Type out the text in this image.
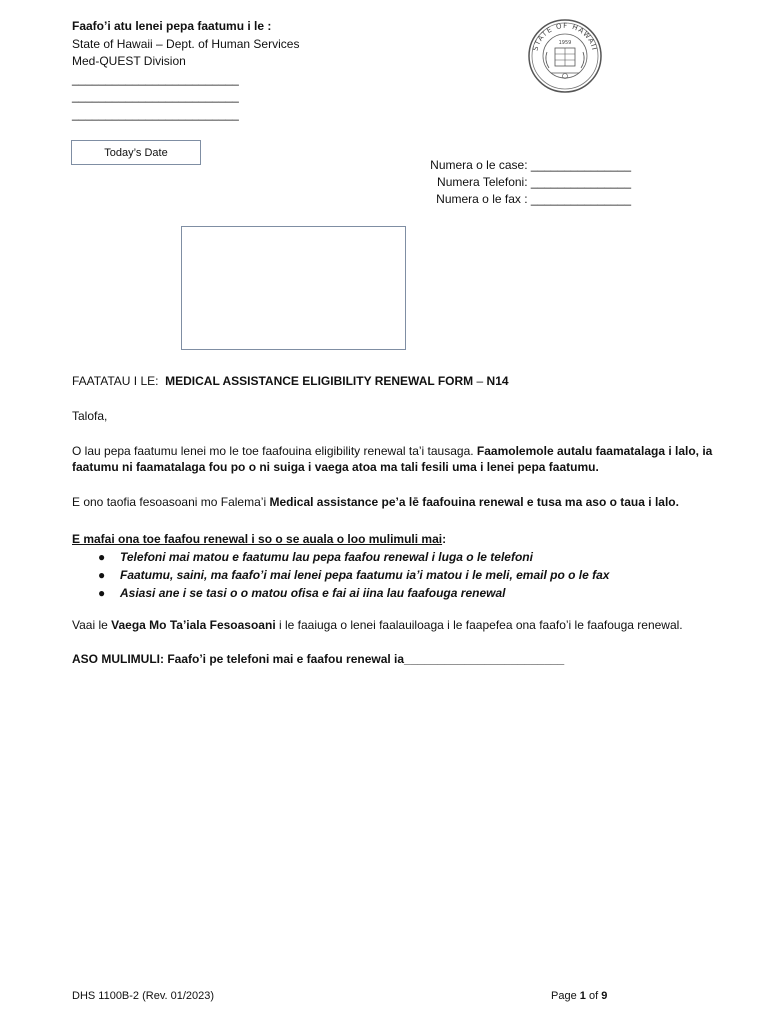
Faafo’i atu lenei pepa faatumu i le :
State of Hawaii – Dept. of Human Services
Med-QUEST Division
_________________________
_________________________
_________________________
STATE OF HAWAII
1959
Today’s Date
Numera o le case: _______________
Numera Telefoni: _______________
Numera o le fax : _______________
FAATATAU I LE: MEDICAL ASSISTANCE ELIGIBILITY RENEWAL FORM – N14
Talofa,
O lau pepa faatumu lenei mo le toe faafouina eligibility renewal ta’i tausaga. Faamolemole autalu faamatalaga i lalo, ia faatumu ni faamatalaga fou po o ni suiga i vaega atoa ma tali fesili uma i lenei pepa faatumu.
E ono taofia fesoasoani mo Falema’i Medical assistance pe’a lē faafouina renewal e tusa ma aso o taua i lalo.
E mafai ona toe faafou renewal i so o se auala o loo mulimuli mai:
● Telefoni mai matou e faatumu lau pepa faafou renewal i luga o le telefoni
● Faatumu, saini, ma faafo’i mai lenei pepa faatumu ia’i matou i le meli, email po o le fax
● Asiasi ane i se tasi o o matou ofisa e fai ai iina lau faafouga renewal
Vaai le Vaega Mo Ta’iala Fesoasoani i le faaiuga o lenei faalauiloaga i le faapefea ona faafo’i le faafouga renewal.
ASO MULIMULI: Faafo’i pe telefoni mai e faafou renewal ia________________________
DHS 1100B-2 (Rev. 01/2023)	Page 1 of 9
